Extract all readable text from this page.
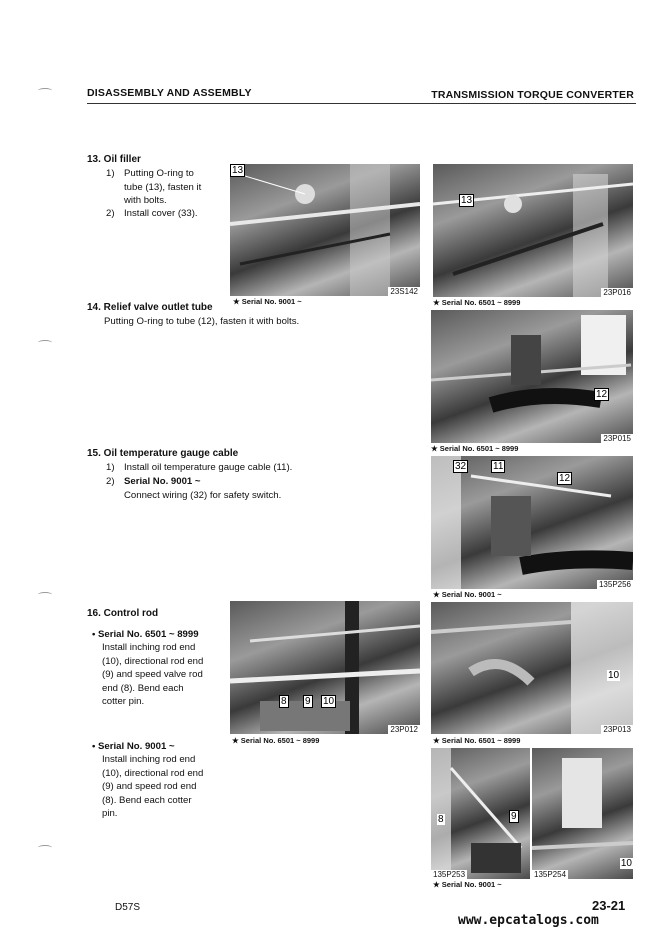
DISASSEMBLY AND ASSEMBLY	TRANSMISSION TORQUE CONVERTER
13. Oil filler
1) Putting O-ring to
tube (13), fasten it
with bolts.
2) Install cover (33).
14. Relief valve outlet tube
Putting O-ring to tube (12), fasten it with bolts.
15. Oil temperature gauge cable
1) Install oil temperature gauge cable (11).
2) Serial No. 9001 ~
Connect wiring (32) for safety switch.
16. Control rod
• Serial No. 6501 ~ 8999
Install inching rod end
(10), directional rod end
(9) and speed valve rod
end (8). Bend each
cotter pin.
• Serial No. 9001 ~
Install inching rod end
(10), directional rod end
(9) and speed rod end
(8). Bend each cotter
pin.
13
23S142
★ Serial No. 9001 ~
13
23P016
★ Serial No. 6501 ~ 8999
12
23P015
★ Serial No. 6501 ~ 8999
32	11
12
135P256
★ Serial No. 9001 ~
8 9 10
23P012
★ Serial No. 6501 ~ 8999
10
23P013
★ Serial No. 6501 ~ 8999
8	9
135P253
10
135P254
★ Serial No. 9001 ~
D57S	23-21
www.epcatalogs.com
